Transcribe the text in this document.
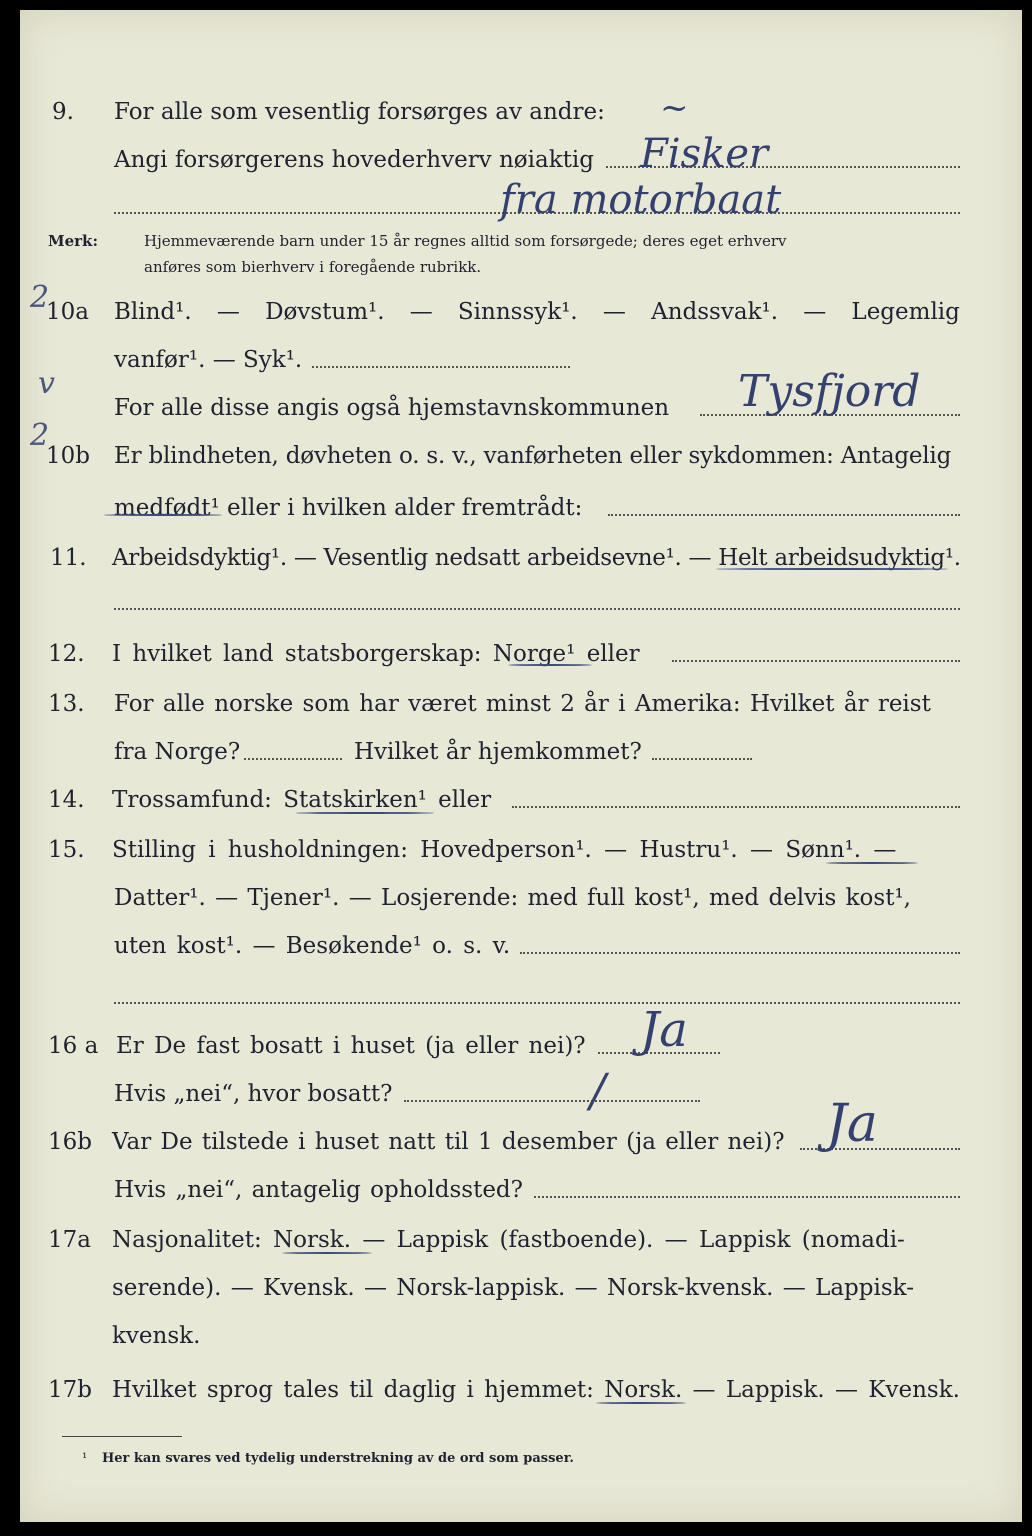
9. For alle som vesentlig forsørges av andre: ~
Angi forsørgerens hovederhverv nøiaktig Fisker
fra motorbaat
Merk:	Hjemmeværende barn under 15 år regnes alltid som forsørgede; deres eget erhverv
anføres som bierhverv i foregående rubrikk.
2
v
2
10a Blind¹. — Døvstum¹. — Sinnssyk¹. — Andssvak¹. — Legemlig
vanfør¹. — Syk¹.
For alle disse angis også hjemstavnskommunen Tysfjord
10b Er blindheten, døvheten o. s. v., vanførheten eller sykdommen: Antagelig
medfødt¹ eller i hvilken alder fremtrådt:
11. Arbeidsdyktig¹. — Vesentlig nedsatt arbeidsevne¹. — Helt arbeidsudyktig¹.
12. I hvilket land statsborgerskap: Norge¹ eller
13. For alle norske som har været minst 2 år i Amerika: Hvilket år reist
fra Norge?	Hvilket år hjemkommet?
14. Trossamfund: Statskirken¹ eller
15. Stilling i husholdningen: Hovedperson¹. — Hustru¹. — Sønn¹. —
Datter¹. — Tjener¹. — Losjerende: med full kost¹, med delvis kost¹,
uten kost¹. — Besøkende¹ o. s. v.
16 a Er De fast bosatt i huset (ja eller nei)? Ja
Hvis „nei“, hvor bosatt?	/
16b Var De tilstede i huset natt til 1 desember (ja eller nei)? Ja
Hvis „nei“, antagelig opholdssted?
17a Nasjonalitet: Norsk. — Lappisk (fastboende). — Lappisk (nomadi-
serende). — Kvensk. — Norsk-lappisk. — Norsk-kvensk. — Lappisk-
kvensk.
17b Hvilket sprog tales til daglig i hjemmet: Norsk. — Lappisk. — Kvensk.
¹ Her kan svares ved tydelig understrekning av de ord som passer.
